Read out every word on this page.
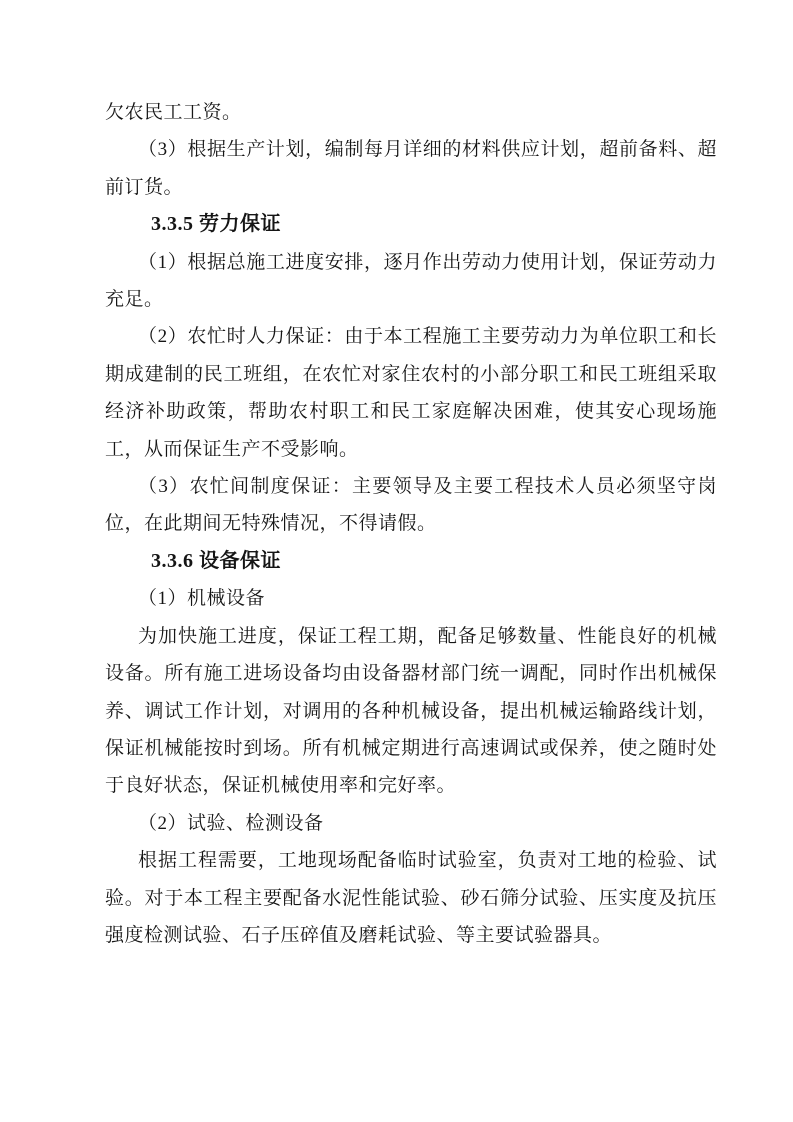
欠农民工工资。

（3）根据生产计划，编制每月详细的材料供应计划，超前备料、超前订货。

3.3.5 劳力保证

（1）根据总施工进度安排，逐月作出劳动力使用计划，保证劳动力充足。

（2）农忙时人力保证：由于本工程施工主要劳动力为单位职工和长期成建制的民工班组，在农忙对家住农村的小部分职工和民工班组采取经济补助政策，帮助农村职工和民工家庭解决困难，使其安心现场施工，从而保证生产不受影响。

（3）农忙间制度保证：主要领导及主要工程技术人员必须坚守岗位，在此期间无特殊情况，不得请假。

3.3.6 设备保证

（1）机械设备

为加快施工进度，保证工程工期，配备足够数量、性能良好的机械设备。所有施工进场设备均由设备器材部门统一调配，同时作出机械保养、调试工作计划，对调用的各种机械设备，提出机械运输路线计划，保证机械能按时到场。所有机械定期进行高速调试或保养，使之随时处于良好状态，保证机械使用率和完好率。

（2）试验、检测设备

根据工程需要，工地现场配备临时试验室，负责对工地的检验、试验。对于本工程主要配备水泥性能试验、砂石筛分试验、压实度及抗压强度检测试验、石子压碎值及磨耗试验、等主要试验器具。
